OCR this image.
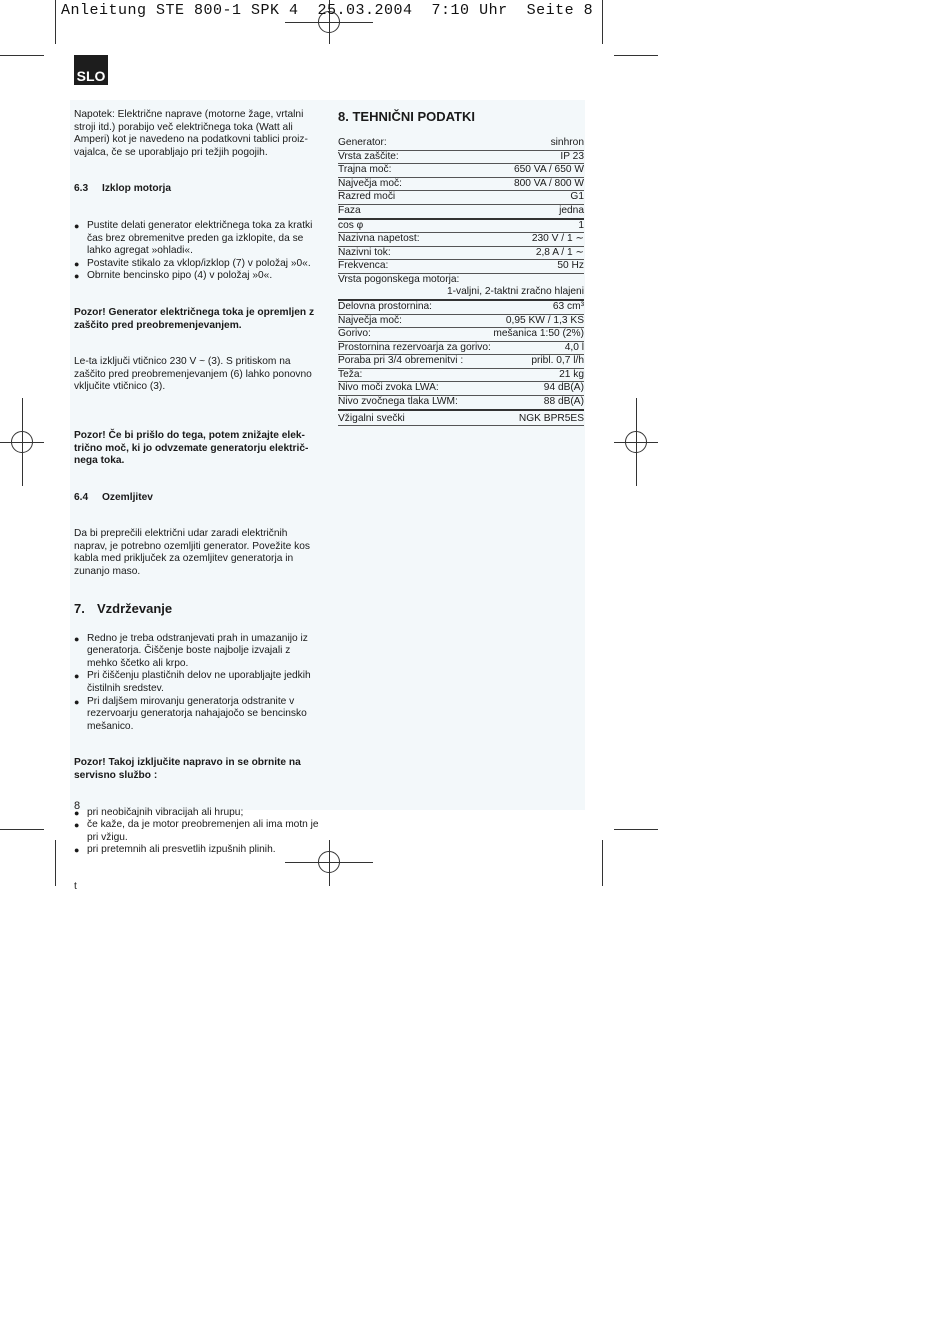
Anleitung STE 800-1 SPK 4  25.03.2004  7:10 Uhr  Seite 8
SLO

Napotek: Električne naprave (motorne žage, vrtalni stroji itd.) porabijo več električnega toka (Watt ali Amperi) kot je navedeno na podatkovni tablici proiz-vajalca, če se uporabljajo pri težjih pogojih.

6.3	Izklop motorja
● Pustite delati generator električnega toka za kratki čas brez obremenitve preden ga izklopite, da se lahko agregat »ohladi«.
● Postavite stikalo za vklop/izklop (7) v položaj »0«.
● Obrnite bencinsko pipo (4) v položaj »0«.

Pozor! Generator električnega toka je opremljen z zaščito pred preobremenjevanjem.

Le-ta izključi vtičnico 230 V ~ (3). S pritiskom na zaščito pred preobremenjevanjem (6) lahko ponovno vključite vtičnico (3).

Pozor! Če bi prišlo do tega, potem znižajte elek-trično moč, ki jo odvzemate generatorju električ-nega toka.

6.4	Ozemljitev

Da bi preprečili električni udar zaradi električnih naprav, je potrebno ozemljiti generator. Povežite kos kabla med priključek za ozemljitev generatorja in zunanjo maso.

7. Vzdrževanje
● Redno je treba odstranjevati prah in umazanijo iz generatorja. Čiščenje boste najbolje izvajali z mehko ščetko ali krpo.
● Pri čiščenju plastičnih delov ne uporabljajte jedkih čistilnih sredstev.
● Pri daljšem mirovanju generatorja odstranite v rezervoarju generatorja nahajajočo se bencinsko mešanico.

Pozor! Takoj izključite napravo in se obrnite na servisno službo :

● pri neobičajnih vibracijah ali hrupu;
● če kaže, da je motor preobremenjen ali ima motn je pri vžigu.
● pri pretemnih ali presvetlih izpušnih plinih.

t

8. TEHNIČNI PODATKI
Generator:	sinhron
Vrsta zaščite:	IP 23
Trajna moč:	650 VA / 650 W
Največja moč:	800 VA / 800 W
Razred moči	G1
Faza	jedna
cos φ	1
Nazivna napetost:	230 V / 1 ∼
Nazivni tok:	2,8 A / 1 ∼
Frekvenca:	50 Hz
Vrsta pogonskega motorja:
1-valjni, 2-taktni zračno hlajeni
Delovna prostornina:	63 cm³
Največja moč:	0,95 KW / 1,3 KS
Gorivo:	mešanica 1:50 (2%)
Prostornina rezervoarja za gorivo:	4,0 l
Poraba pri 3/4 obremenitvi :	pribl. 0,7 l/h
Teža:	21 kg
Nivo moči zvoka LWA:	94 dB(A)
Nivo zvočnega tlaka LWM:	88 dB(A)
Vžigalni svečki	NGK BPR5ES
8
